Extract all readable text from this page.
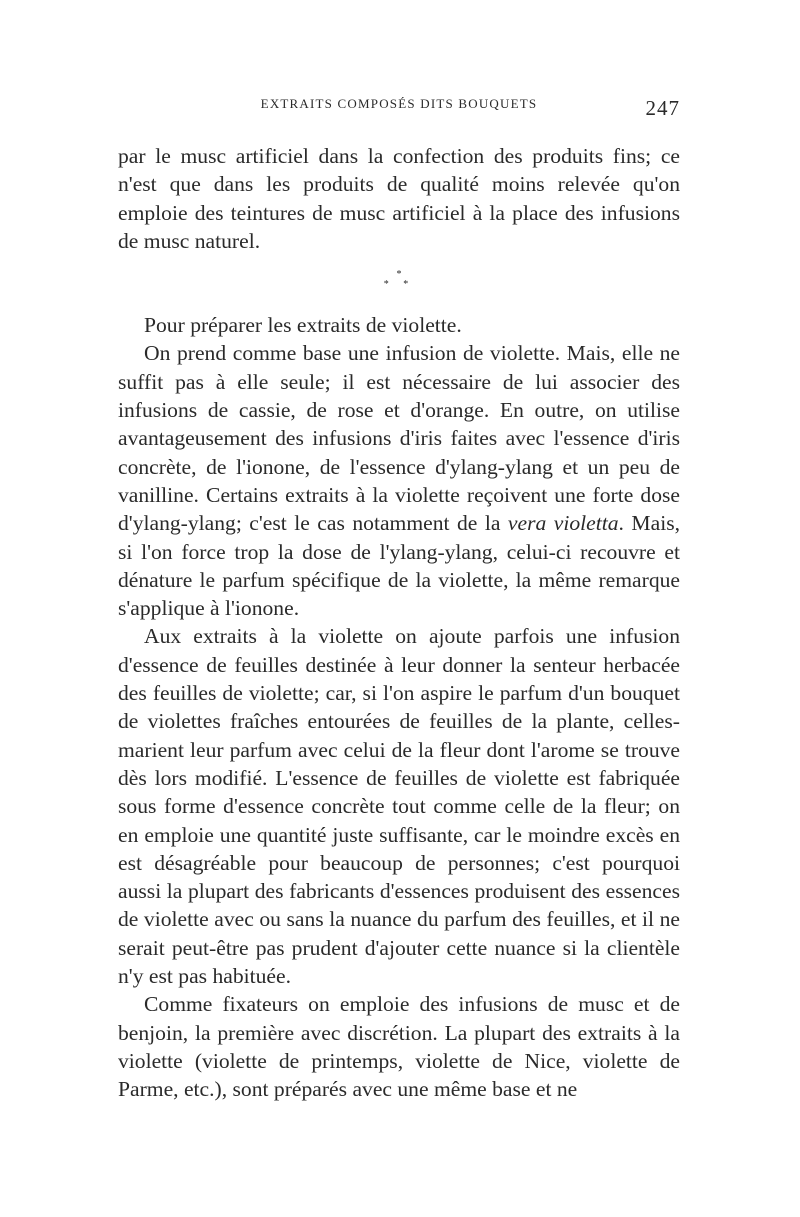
EXTRAITS COMPOSÉS DITS BOUQUETS	247

par le musc artificiel dans la confection des produits fins; ce n'est que dans les produits de qualité moins relevée qu'on emploie des teintures de musc artificiel à la place des infusions de musc naturel.

*
* *

Pour préparer les extraits de violette.

On prend comme base une infusion de violette. Mais, elle ne suffit pas à elle seule; il est nécessaire de lui associer des infusions de cassie, de rose et d'orange. En outre, on utilise avantageusement des infusions d'iris faites avec l'essence d'iris concrète, de l'ionone, de l'essence d'ylang-ylang et un peu de vanilline. Certains extraits à la violette reçoivent une forte dose d'ylang-ylang; c'est le cas notamment de la vera violetta. Mais, si l'on force trop la dose de l'ylang-ylang, celui-ci recouvre et dénature le parfum spécifique de la violette, la même remarque s'applique à l'ionone.

Aux extraits à la violette on ajoute parfois une infusion d'essence de feuilles destinée à leur donner la senteur herbacée des feuilles de violette; car, si l'on aspire le parfum d'un bouquet de violettes fraîches entourées de feuilles de la plante, celles-marient leur parfum avec celui de la fleur dont l'arome se trouve dès lors modifié. L'essence de feuilles de violette est fabriquée sous forme d'essence concrète tout comme celle de la fleur; on en emploie une quantité juste suffisante, car le moindre excès en est désagréable pour beaucoup de personnes; c'est pourquoi aussi la plupart des fabricants d'essences produisent des essences de violette avec ou sans la nuance du parfum des feuilles, et il ne serait peut-être pas prudent d'ajouter cette nuance si la clientèle n'y est pas habituée.

Comme fixateurs on emploie des infusions de musc et de benjoin, la première avec discrétion. La plupart des extraits à la violette (violette de printemps, violette de Nice, violette de Parme, etc.), sont préparés avec une même base et ne
